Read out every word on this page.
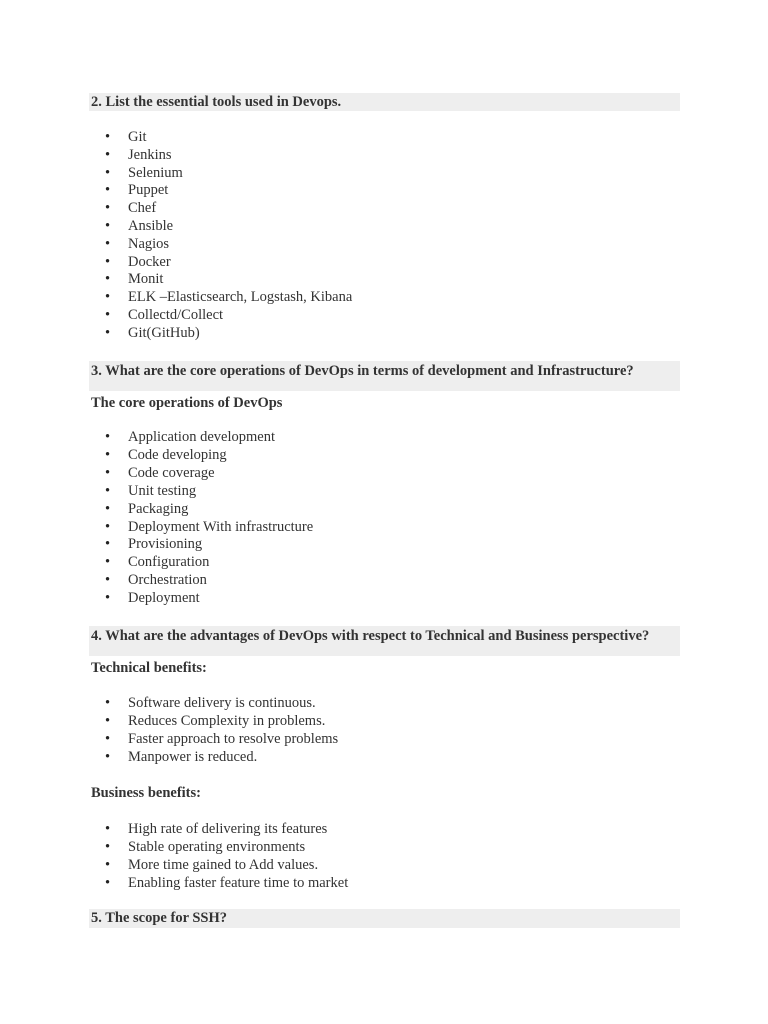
2. List the essential tools used in Devops.
• Git
• Jenkins
• Selenium
• Puppet
• Chef
• Ansible
• Nagios
• Docker
• Monit
• ELK –Elasticsearch, Logstash, Kibana
• Collectd/Collect
• Git(GitHub)
3. What are the core operations of DevOps in terms of development and Infrastructure?
The core operations of DevOps
• Application development
• Code developing
• Code coverage
• Unit testing
• Packaging
• Deployment With infrastructure
• Provisioning
• Configuration
• Orchestration
• Deployment
4. What are the advantages of DevOps with respect to Technical and Business perspective?
Technical benefits:
• Software delivery is continuous.
• Reduces Complexity in problems.
• Faster approach to resolve problems
• Manpower is reduced.
Business benefits:
• High rate of delivering its features
• Stable operating environments
• More time gained to Add values.
• Enabling faster feature time to market
5. The scope for SSH?
